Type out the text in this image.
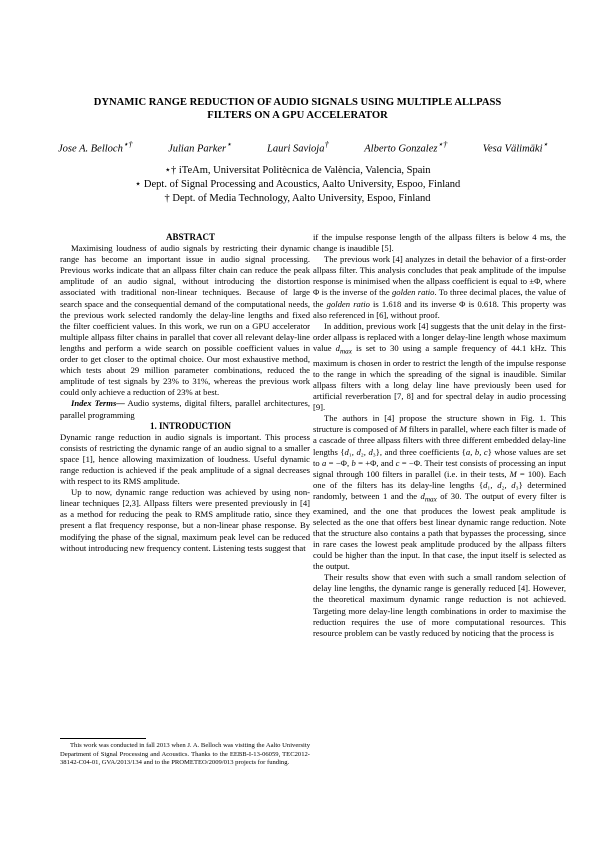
DYNAMIC RANGE REDUCTION OF AUDIO SIGNALS USING MULTIPLE ALLPASS
FILTERS ON A GPU ACCELERATOR
Jose A. Belloch⋆†	Julian Parker⋆	Lauri Savioja†	Alberto Gonzalez⋆†	Vesa Välimäki⋆
⋆† iTeAm, Universitat Politècnica de València, Valencia, Spain
⋆ Dept. of Signal Processing and Acoustics, Aalto University, Espoo, Finland
† Dept. of Media Technology, Aalto University, Espoo, Finland

ABSTRACT

Maximising loudness of audio signals by restricting their dynamic range has become an important issue in audio signal processing. Previous works indicate that an allpass filter chain can reduce the peak amplitude of an audio signal, without introducing the distortion associated with traditional non-linear techniques. Because of large search space and the consequential demand of the computational needs, the previous work selected randomly the delay-line lengths and fixed the filter coefficient values. In this work, we run on a GPU accelerator multiple allpass filter chains in parallel that cover all relevant delay-line lengths and perform a wide search on possible coefficient values in order to get closer to the optimal choice. Our most exhaustive method, which tests about 29 million parameter combinations, reduced the amplitude of test signals by 23% to 31%, whereas the previous work could only achieve a reduction of 23% at best.

Index Terms— Audio systems, digital filters, parallel architectures, parallel programming

1. INTRODUCTION

Dynamic range reduction in audio signals is important. This process consists of restricting the dynamic range of an audio signal to a smaller space [1], hence allowing maximization of loudness. Useful dynamic range reduction is achieved if the peak amplitude of a signal decreases with respect to its RMS amplitude.

Up to now, dynamic range reduction was achieved by using non-linear techniques [2,3]. Allpass filters were presented previously in [4] as a method for reducing the peak to RMS amplitude ratio, since they present a flat frequency response, but a non-linear phase response. By modifying the phase of the signal, maximum peak level can be reduced without introducing new frequency content. Listening tests suggest that

if the impulse response length of the allpass filters is below 4 ms, the change is inaudible [5].

The previous work [4] analyzes in detail the behavior of a first-order allpass filter. This analysis concludes that peak amplitude of the impulse response is minimised when the allpass coefficient is equal to ±Φ, where Φ is the inverse of the golden ratio. To three decimal places, the value of the golden ratio is 1.618 and its inverse Φ is 0.618. This property was also referenced in [6], without proof.

In addition, previous work [4] suggests that the unit delay in the first-order allpass is replaced with a longer delay-line length whose maximum value $d_{max}$ is set to 30 using a sample frequency of 44.1 kHz. This maximum is chosen in order to restrict the length of the impulse response to the range in which the spreading of the signal is inaudible. Similar allpass filters with a long delay line have previously been used for artificial reverberation [7, 8] and for spectral delay in audio processing [9].

The authors in [4] propose the structure shown in Fig. 1. This structure is composed of M filters in parallel, where each filter is made of a cascade of three allpass filters with three different embedded delay-line lengths {d₁, d₂, d₃}, and three coefficients {a, b, c} whose values are set to a = −Φ, b = +Φ, and c = −Φ. Their test consists of processing an input signal through 100 filters in parallel (i.e. in their tests, M = 100). Each one of the filters has its delay-line lengths {d₁, d₂, d₃} determined randomly, between 1 and the $d_{max}$ of 30. The output of every filter is examined, and the one that produces the lowest peak amplitude is selected as the one that offers best linear dynamic range reduction. Note that the structure also contains a path that bypasses the processing, since in rare cases the lowest peak amplitude produced by the allpass filters could be higher than the input. In that case, the input itself is selected as the output.

Their results show that even with such a small random selection of delay line lengths, the dynamic range is generally reduced [4]. However, the theoretical maximum dynamic range reduction is not achieved. Targeting more delay-line length combinations in order to maximise the reduction requires the use of more computational resources. This resource problem can be vastly reduced by noticing that the process is

This work was conducted in fall 2013 when J. A. Belloch was visiting the Aalto University Department of Signal Processing and Acoustics. Thanks to the EEBB-I-13-06059, TEC2012-38142-C04-01, GVA/2013/134 and to the PROMETEO/2009/013 projects for funding.
